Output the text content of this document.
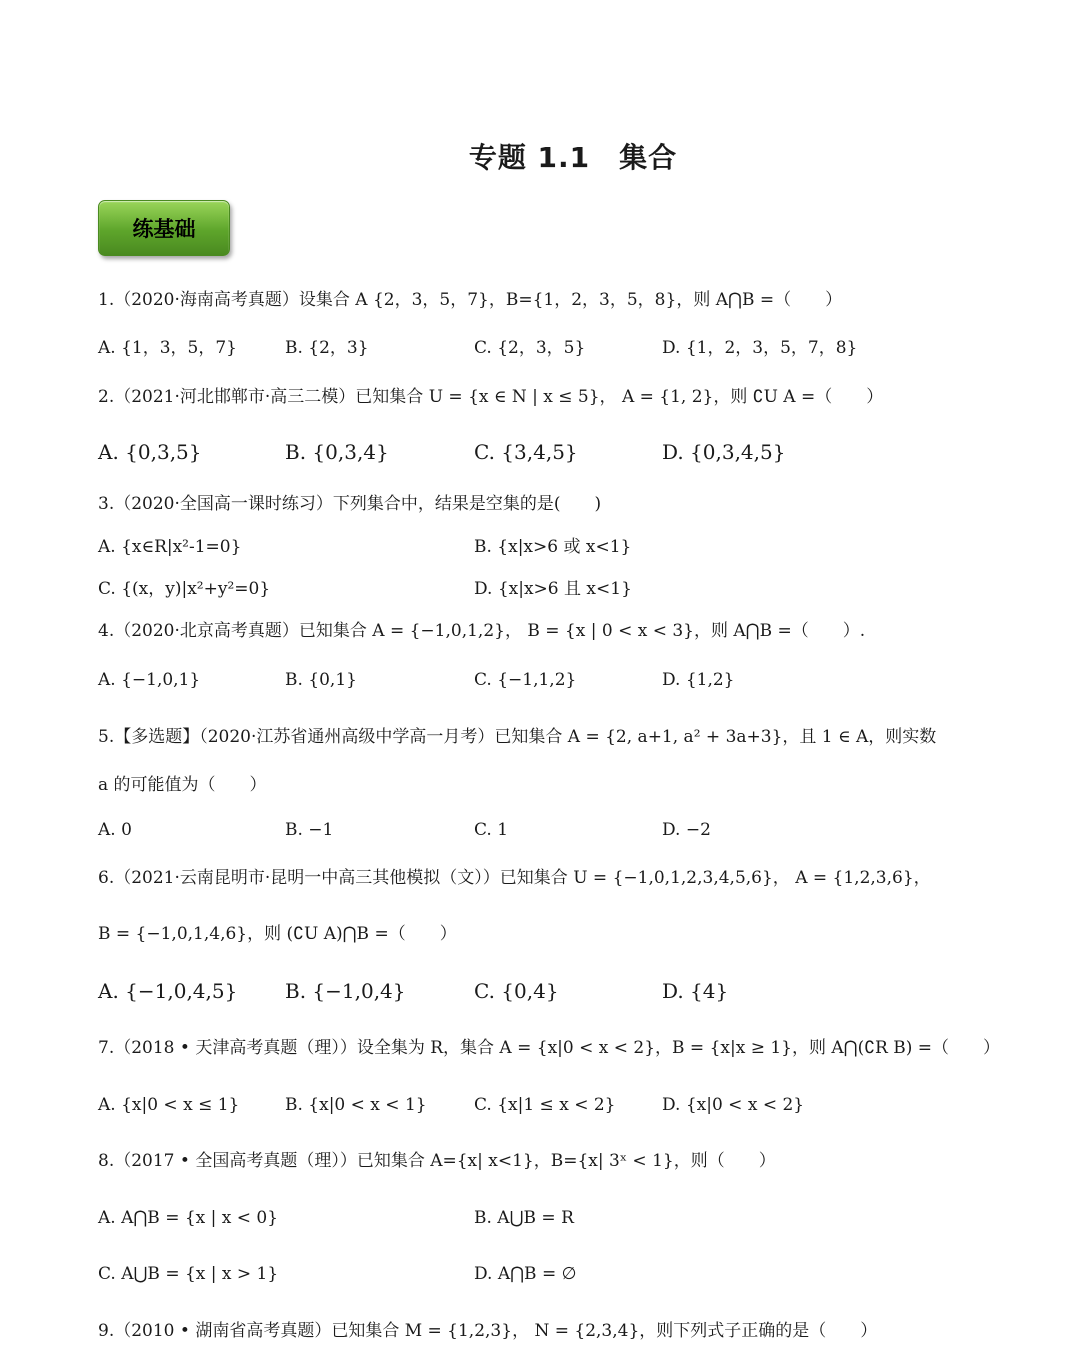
专题 1.1　集合
练基础
1.（2020·海南高考真题）设集合 A {2，3，5，7}，B={1，2，3，5，8}，则 A⋂B =（　　）
A. {1，3，5，7}	B. {2，3}	C. {2，3，5}	D. {1，2，3，5，7，8}
2.（2021·河北邯郸市·高三二模）已知集合 U = {x ∈ N | x ≤ 5}， A = {1, 2}，则 ∁U A =（　　）
A. {0,3,5}	B. {0,3,4}	C. {3,4,5}	D. {0,3,4,5}
3.（2020·全国高一课时练习）下列集合中，结果是空集的是(　　)
A. {x∈R|x²-1=0}	B. {x|x>6 或 x<1}
C. {(x，y)|x²+y²=0}	D. {x|x>6 且 x<1}
4.（2020·北京高考真题）已知集合 A = {−1,0,1,2}， B = {x | 0 < x < 3}，则 A⋂B =（　　）.
A. {−1,0,1}	B. {0,1}	C. {−1,1,2}	D. {1,2}
5.【多选题】（2020·江苏省通州高级中学高一月考）已知集合 A = {2, a+1, a² + 3a+3}，且 1 ∈ A，则实数
a 的可能值为（　　）
A. 0	B. −1	C. 1	D. −2
6.（2021·云南昆明市·昆明一中高三其他模拟（文））已知集合 U = {−1,0,1,2,3,4,5,6}， A = {1,2,3,6}，
B = {−1,0,1,4,6}，则 (∁U A)⋂B =（　　）
A. {−1,0,4,5} B. {−1,0,4}	C. {0,4}	D. {4}
7.（2018 • 天津高考真题（理））设全集为 R，集合 A = {x|0 < x < 2}，B = {x|x ≥ 1}，则 A⋂(∁R B) =（　　）
A. {x|0 < x ≤ 1}	B. {x|0 < x < 1}	C. {x|1 ≤ x < 2}	D. {x|0 < x < 2}
8.（2017 • 全国高考真题（理））已知集合 A={x| x<1}，B={x| 3ˣ < 1}，则（　　）
A. A⋂B = {x | x < 0}	B. A⋃B = R
C. A⋃B = {x | x > 1}	D. A⋂B = ∅
9.（2010 • 湖南省高考真题）已知集合 M = {1,2,3}， N = {2,3,4}，则下列式子正确的是（　　）
